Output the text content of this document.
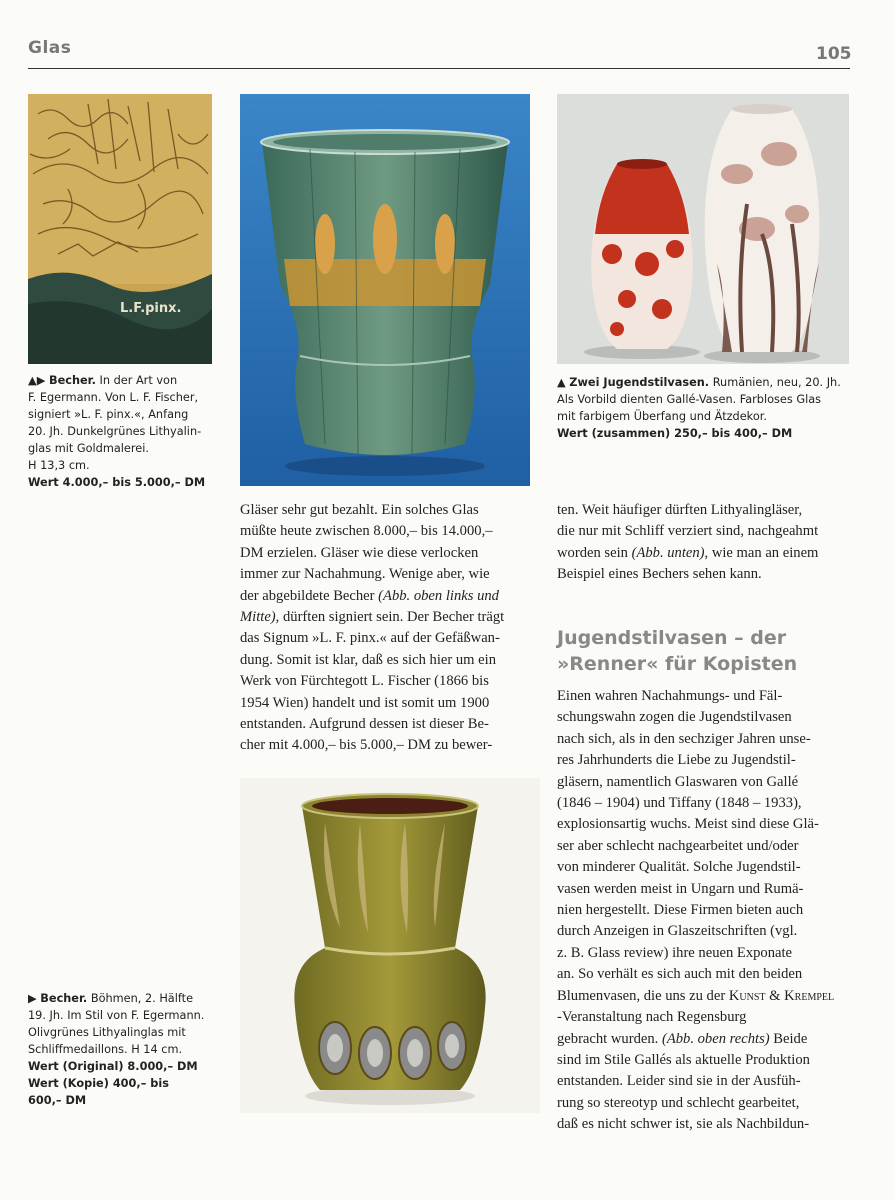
Glas	105
L.F.pinx.
▲▶ Becher. In der Art von
F. Egermann. Von L. F. Fischer,
signiert »L. F. pinx.«, Anfang
20. Jh. Dunkelgrünes Lithyalin-
glas mit Goldmalerei.
H 13,3 cm.
Wert 4.000,– bis 5.000,– DM
▲ Zwei Jugendstilvasen. Rumänien, neu, 20. Jh.
Als Vorbild dienten Gallé-Vasen. Farbloses Glas
mit farbigem Überfang und Ätzdekor.
Wert (zusammen) 250,– bis 400,– DM
Gläser sehr gut bezahlt. Ein solches Glas
müßte heute zwischen 8.000,– bis 14.000,–
DM erzielen. Gläser wie diese verlocken
immer zur Nachahmung. Wenige aber, wie
der abgebildete Becher (Abb. oben links und
Mitte), dürften signiert sein. Der Becher trägt
das Signum »L. F. pinx.« auf der Gefäßwan-
dung. Somit ist klar, daß es sich hier um ein
Werk von Fürchtegott L. Fischer (1866 bis
1954 Wien) handelt und ist somit um 1900
entstanden. Aufgrund dessen ist dieser Be-
cher mit 4.000,– bis 5.000,– DM zu bewer-
▶ Becher. Böhmen, 2. Hälfte
19. Jh. Im Stil von F. Egermann.
Olivgrünes Lithyalinglas mit
Schliffmedaillons. H 14 cm.
Wert (Original) 8.000,– DM
Wert (Kopie) 400,– bis
600,– DM
ten. Weit häufiger dürften Lithyalingläser,
die nur mit Schliff verziert sind, nachgeahmt
worden sein (Abb. unten), wie man an einem
Beispiel eines Bechers sehen kann.
Jugendstilvasen – der
»Renner« für Kopisten
Einen wahren Nachahmungs- und Fäl-
schungswahn zogen die Jugendstilvasen
nach sich, als in den sechziger Jahren unse-
res Jahrhunderts die Liebe zu Jugendstil-
gläsern, namentlich Glaswaren von Gallé
(1846 – 1904) und Tiffany (1848 – 1933),
explosionsartig wuchs. Meist sind diese Glä-
ser aber schlecht nachgearbeitet und/oder
von minderer Qualität. Solche Jugendstil-
vasen werden meist in Ungarn und Rumä-
nien hergestellt. Diese Firmen bieten auch
durch Anzeigen in Glaszeitschriften (vgl.
z. B. Glass review) ihre neuen Exponate
an. So verhält es sich auch mit den beiden
Blumenvasen, die uns zu der Kunst & Krempel
-Veranstaltung nach Regensburg
gebracht wurden. (Abb. oben rechts) Beide
sind im Stile Gallés als aktuelle Produktion
entstanden. Leider sind sie in der Ausfüh-
rung so stereotyp und schlecht gearbeitet,
daß es nicht schwer ist, sie als Nachbildun-
